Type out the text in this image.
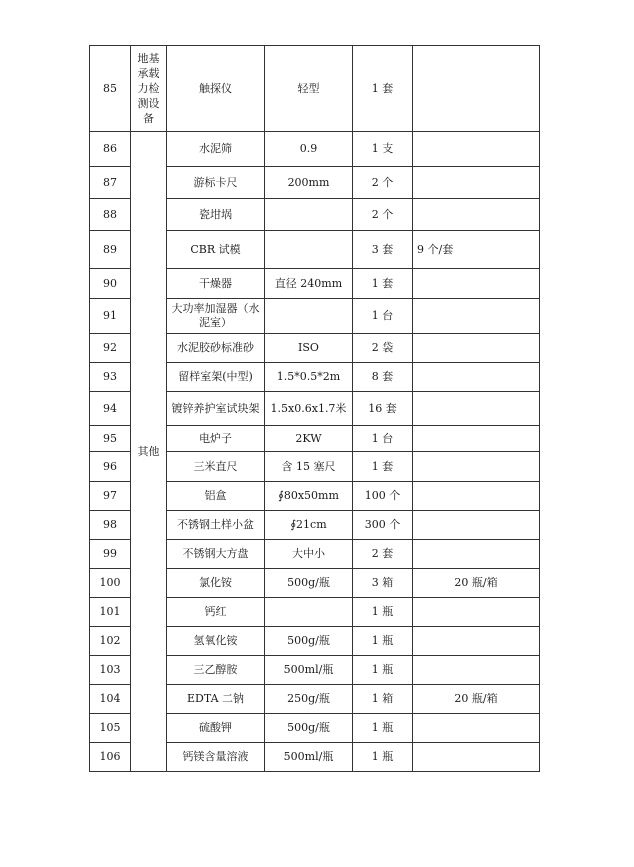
85	地基承载力检测设备	触探仪	轻型	1 套	
86	其他	水泥筛	0.9	1 支	
87		游标卡尺	200mm	2 个	
88		瓷坩埚		2 个	
89		CBR 试模		3 套	9 个/套
90		干燥器	直径 240mm	1 套	
91		大功率加湿器（水泥室）		1 台	
92		水泥胶砂标准砂	ISO	2 袋	
93		留样室架(中型)	1.5*0.5*2m	8 套	
94		镀锌养护室试块架	1.5x0.6x1.7米	16 套	
95		电炉子	2KW	1 台	
96		三米直尺	含 15 塞尺	1 套	
97		铝盒	∮80x50mm	100 个	
98		不锈钢土样小盆	∮21cm	300 个	
99		不锈钢大方盘	大中小	2 套	
100		氯化铵	500g/瓶	3 箱	20 瓶/箱
101		钙红		1 瓶	
102		氢氧化铵	500g/瓶	1 瓶	
103		三乙醇胺	500ml/瓶	1 瓶	
104		EDTA 二钠	250g/瓶	1 箱	20 瓶/箱
105		硫酸钾	500g/瓶	1 瓶	
106		钙镁含量溶液	500ml/瓶	1 瓶	
